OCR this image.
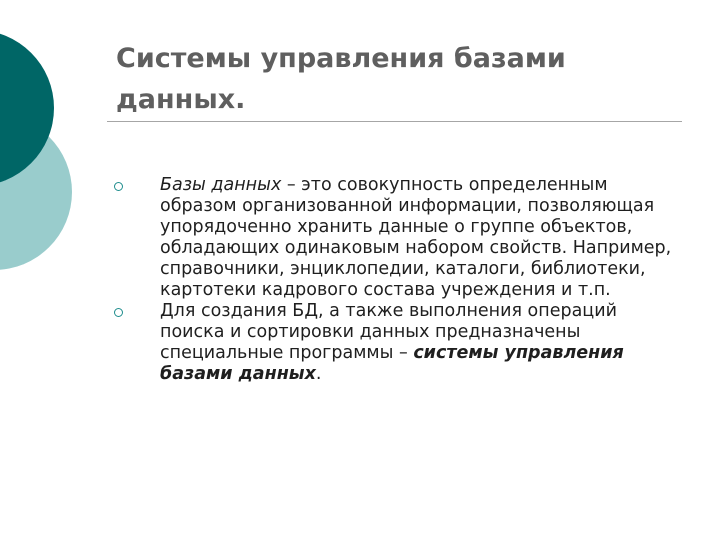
Системы управления базами данных.
Базы данных – это совокупность определенным образом организованной информации, позволяющая упорядоченно хранить данные о группе объектов, обладающих одинаковым набором свойств. Например, справочники, энциклопедии, каталоги, библиотеки, картотеки кадрового состава учреждения и т.п.
Для создания БД, а также выполнения операций поиска и сортировки данных предназначены специальные программы – системы управления базами данных.
